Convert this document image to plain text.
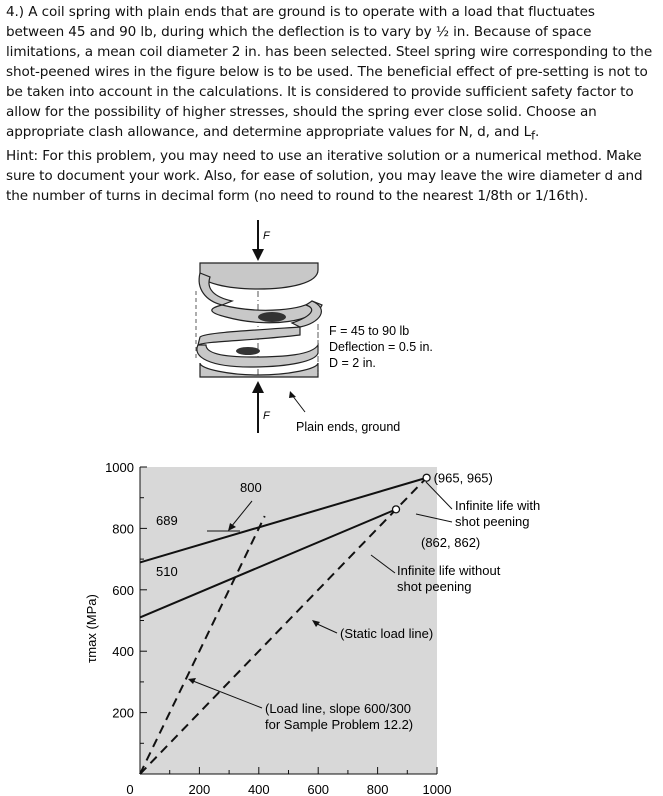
4.) A coil spring with plain ends that are ground is to operate with a load that fluctuates between 45 and 90 lb, during which the deflection is to vary by ½ in. Because of space limitations, a mean coil diameter 2 in. has been selected. Steel spring wire corresponding to the shot-peened wires in the figure below is to be used. The beneficial effect of pre-setting is not to be taken into account in the calculations. It is considered to provide sufficient safety factor to allow for the possibility of higher stresses, should the spring ever close solid. Choose an appropriate clash allowance, and determine appropriate values for N, d, and $L_f$.

Hint: For this problem, you may need to use an iterative solution or a numerical method. Make sure to document your work. Also, for ease of solution, you may leave the wire diameter d and the number of turns in decimal form (no need to round to the nearest 1/8th or 1/16th).

F
F
F = 45 to 90 lb
Deflection = 0.5 in.
D = 2 in.
Plain ends, ground
1000
800
600
400
200
0	200	400	600	800	1000
τmax (MPa)
689
510
800
(965, 965)
Infinite life with
shot peening
(862, 862)
Infinite life without
shot peening
(Static load line)
(Load line, slope 600/300
for Sample Problem 12.2)
